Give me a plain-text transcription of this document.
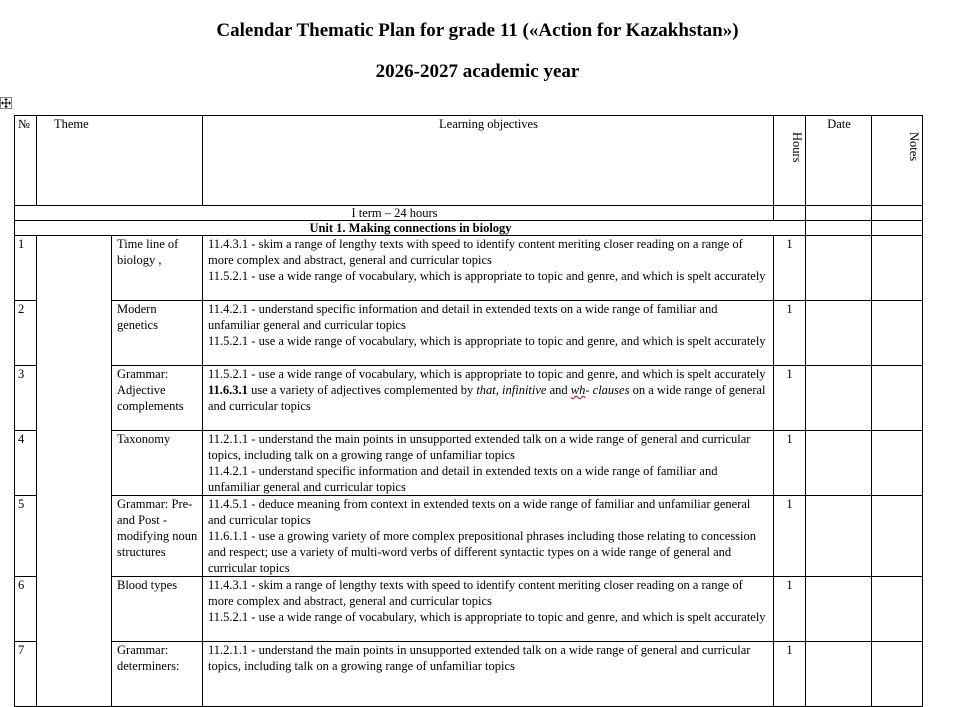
Calendar Thematic Plan for grade 11 («Action for Kazakhstan»)
2026-2027 academic year
№	Theme		Learning objectives	Hours	Date	Notes
I term – 24 hours						
Unit 1. Making connections in biology						
1		Time line of biology ,	11.4.3.1 - skim a range of lengthy texts with speed to identify content meriting closer reading on a range of more complex and abstract, general and curricular topics
11.5.2.1 - use a wide range of vocabulary, which is appropriate to topic and genre, and which is spelt accurately	1		
2		Modern genetics	11.4.2.1 - understand specific information and detail in extended texts on a wide range of familiar and unfamiliar general and curricular topics
11.5.2.1 - use a wide range of vocabulary, which is appropriate to topic and genre, and which is spelt accurately	1		
3		Grammar: Adjective complements	11.5.2.1 - use a wide range of vocabulary, which is appropriate to topic and genre, and which is spelt accurately
11.6.3.1 use a variety of adjectives complemented by that, infinitive and wh- clauses on a wide range of general and curricular topics	1		
4		Taxonomy	11.2.1.1 - understand the main points in unsupported extended talk on a wide range of general and curricular topics, including talk on a growing range of unfamiliar topics
11.4.2.1 - understand specific information and detail in extended texts on a wide range of familiar and unfamiliar general and curricular topics	1		
5		Grammar: Pre- and Post - modifying noun structures	11.4.5.1 - deduce meaning from context in extended texts on a wide range of familiar and unfamiliar general and curricular topics
11.6.1.1 - use a growing variety of more complex prepositional phrases including those relating to concession and respect; use a variety of multi-word verbs of different syntactic types on a wide range of general and curricular topics	1		
6		Blood types	11.4.3.1 - skim a range of lengthy texts with speed to identify content meriting closer reading on a range of more complex and abstract, general and curricular topics
11.5.2.1 - use a wide range of vocabulary, which is appropriate to topic and genre, and which is spelt accurately	1		
7		Grammar: determiners:	11.2.1.1 - understand the main points in unsupported extended talk on a wide range of general and curricular topics, including talk on a growing range of unfamiliar topics	1		
